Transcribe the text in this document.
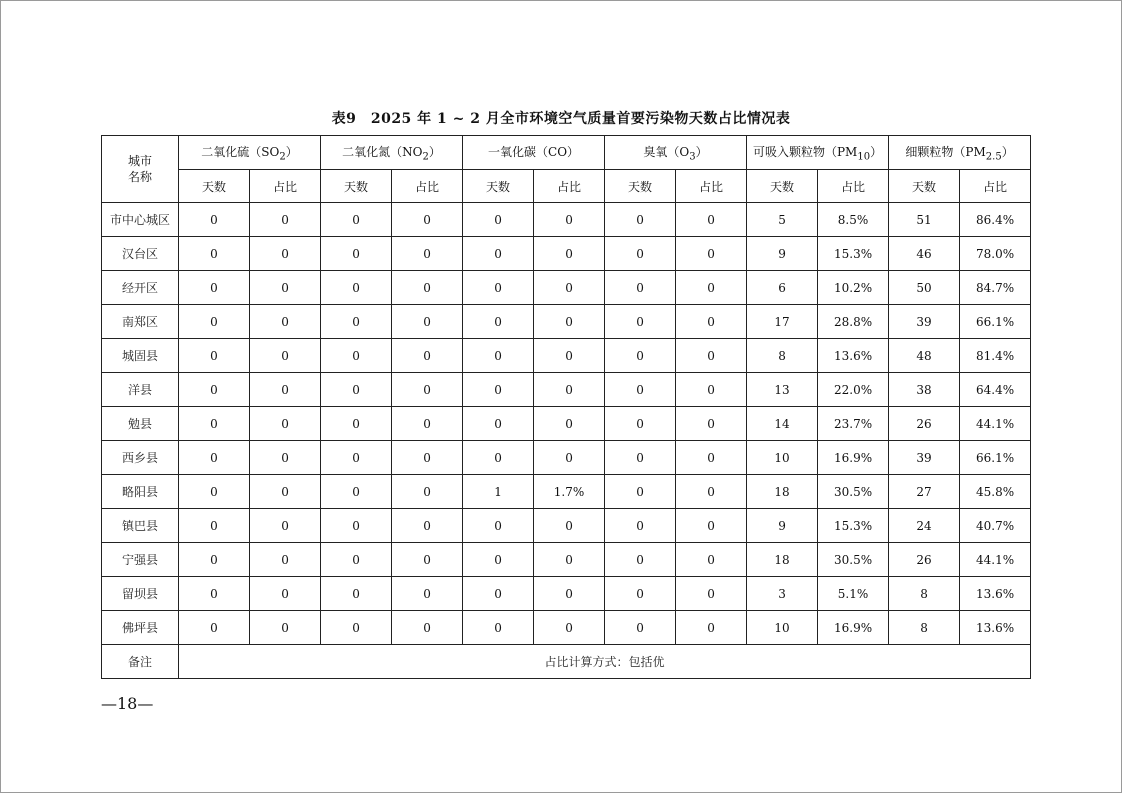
表9　2025 年 1 ~ 2 月全市环境空气质量首要污染物天数占比情况表
城市
名称	二氧化硫$(SO_2)$		二氧化氮$(NO_2)$		一氧化碳（CO）		臭氧$(O_3)$		可吸入颗粒物$(PM_{10})$		细颗粒物$(PM_{2.5})$	
	天数	占比	天数	占比	天数	占比	天数	占比	天数	占比	天数	占比
市中心城区	0	0	0	0	0	0	0	0	5	8.5%	51	86.4%
汉台区	0	0	0	0	0	0	0	0	9	15.3%	46	78.0%
经开区	0	0	0	0	0	0	0	0	6	10.2%	50	84.7%
南郑区	0	0	0	0	0	0	0	0	17	28.8%	39	66.1%
城固县	0	0	0	0	0	0	0	0	8	13.6%	48	81.4%
洋县	0	0	0	0	0	0	0	0	13	22.0%	38	64.4%
勉县	0	0	0	0	0	0	0	0	14	23.7%	26	44.1%
西乡县	0	0	0	0	0	0	0	0	10	16.9%	39	66.1%
略阳县	0	0	0	0	1	1.7%	0	0	18	30.5%	27	45.8%
镇巴县	0	0	0	0	0	0	0	0	9	15.3%	24	40.7%
宁强县	0	0	0	0	0	0	0	0	18	30.5%	26	44.1%
留坝县	0	0	0	0	0	0	0	0	3	5.1%	8	13.6%
佛坪县	0	0	0	0	0	0	0	0	10	16.9%	8	13.6%
备注	占比计算方式：包括优											
—18—
